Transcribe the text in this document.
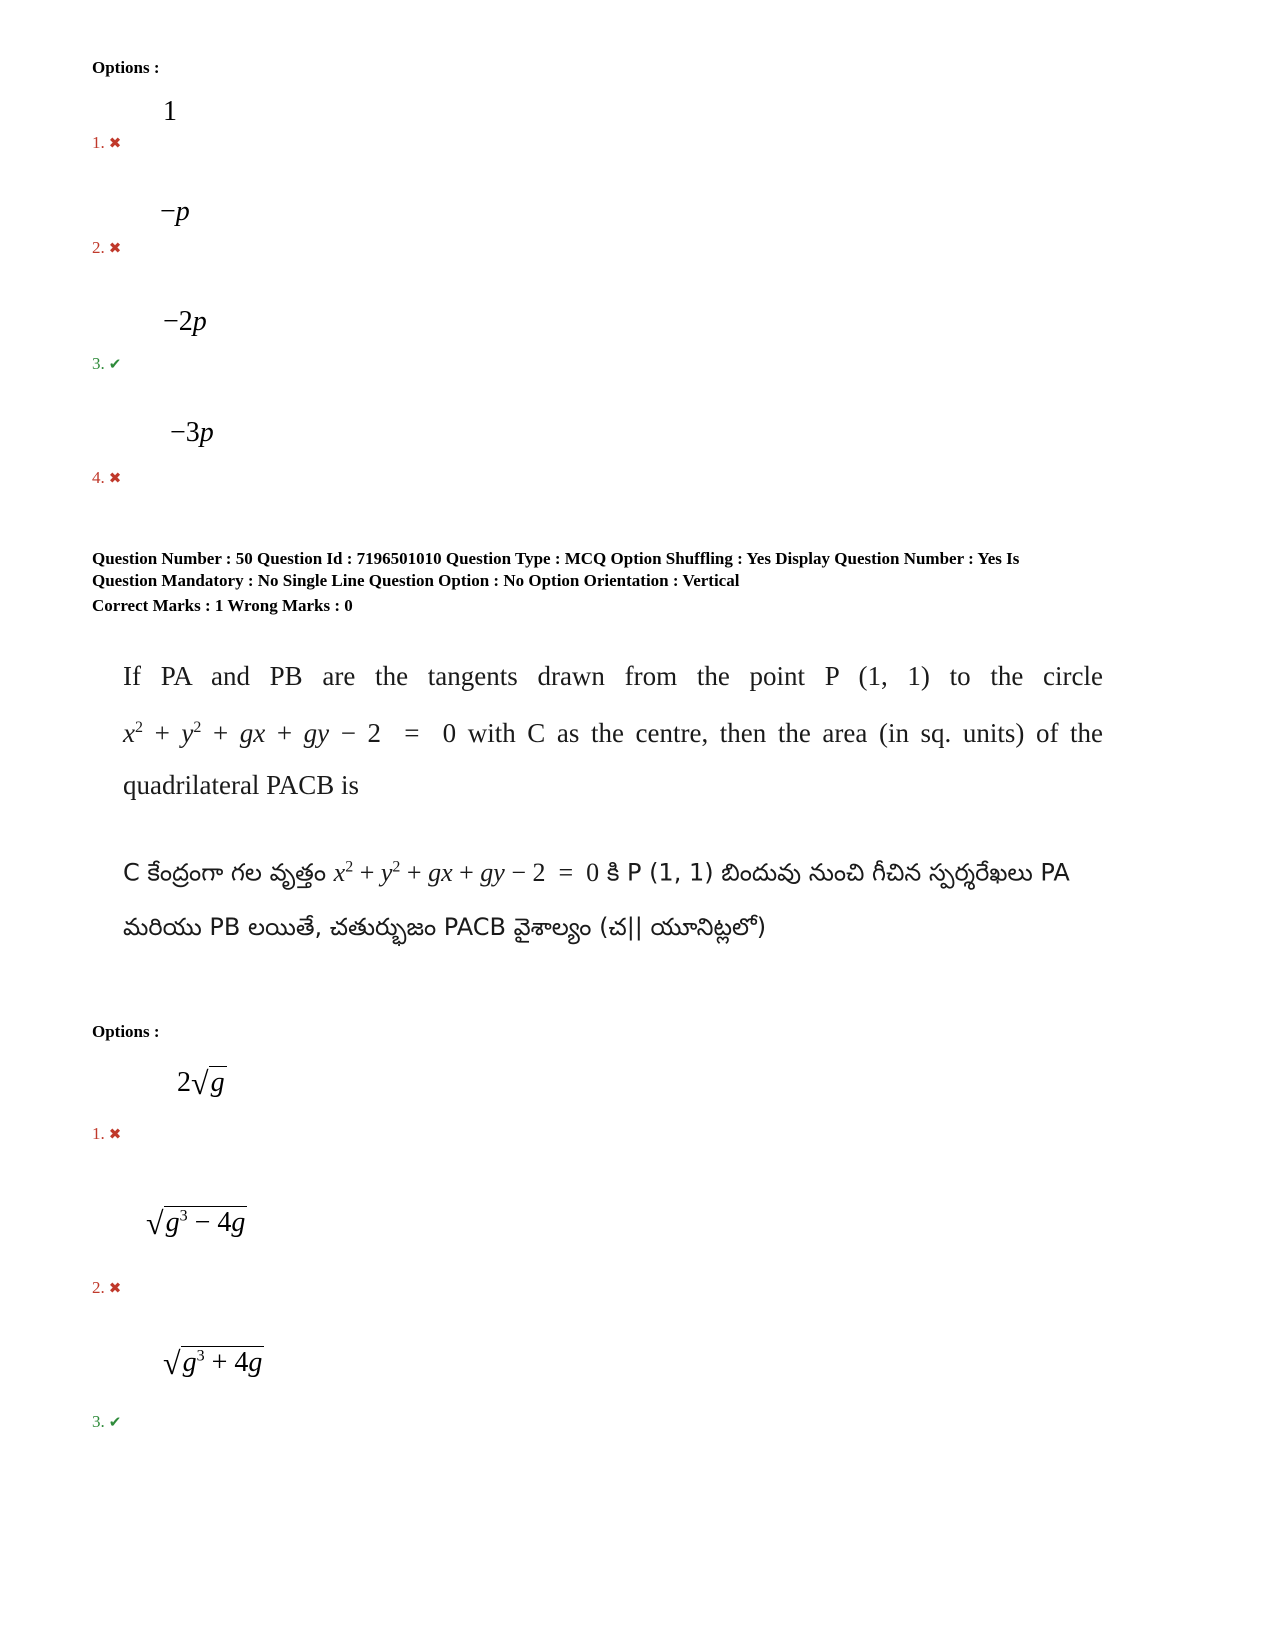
Options :
1
1. ✖
−p
2. ✖
−2p
3. ✔
−3p
4. ✖
Question Number : 50 Question Id : 7196501010 Question Type : MCQ Option Shuffling : Yes Display Question Number : Yes Is
Question Mandatory : No Single Line Question Option : No Option Orientation : Vertical
Correct Marks : 1 Wrong Marks : 0
If PA and PB are the tangents drawn from the point P (1, 1) to the circle $x^2 + y^2$ + gx + gy − 2  =  0 with C as the centre, then the area (in sq. units) of the quadrilateral PACB is
C కేంద్రంగా గల వృత్తం $x^2 + y^2$ + gx + gy − 2  =  0 కి P (1, 1) బిందువు నుంచి గీచిన స్పర్శరేఖలు PA మరియు PB లయితే, చతుర్భుజం PACB వైశాల్యం (చ|| యూనిట్లలో)
Options :
2 √ g
1. ✖
√ $g^3 - 4g$
2. ✖
√ $g^3 + 4g$
3. ✔
